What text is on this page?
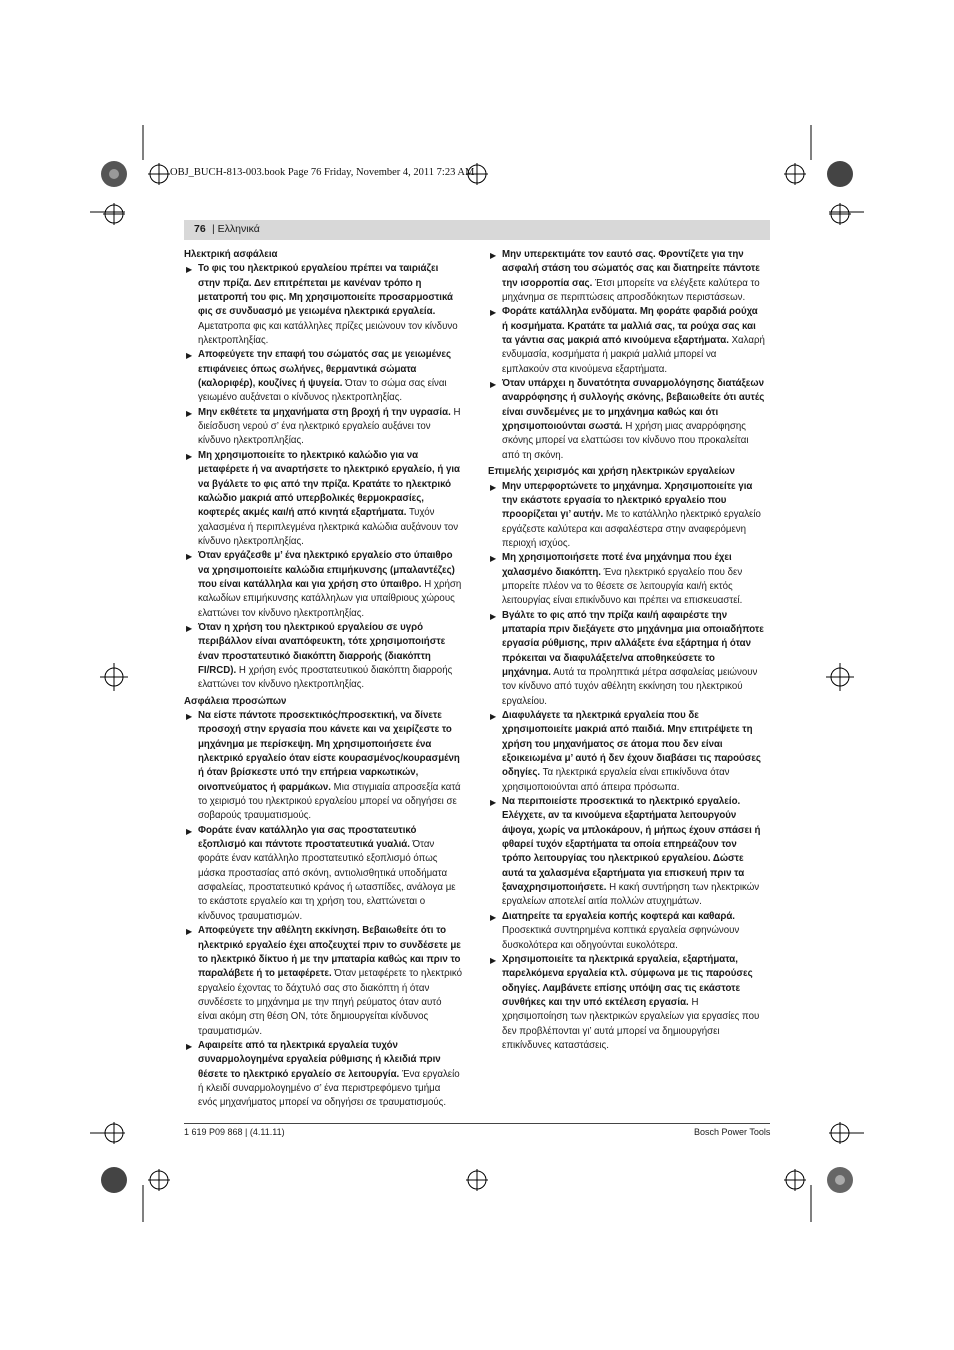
OBJ_BUCH-813-003.book Page 76 Friday, November 4, 2011 7:23 AM
76 | Ελληνικά

Ηλεκτρική ασφάλεια

▶ Το φις του ηλεκτρικού εργαλείου πρέπει να ταιριάζει στην πρίζα. Δεν επιτρέπεται με κανέναν τρόπο η μετατροπή του φις. Μη χρησιμοποιείτε προσαρμοστικά φις σε συνδυασμό με γειωμένα ηλεκτρικά εργαλεία. Αμετατροπα φις και κατάλληλες πρίζες μειώνουν τον κίνδυνο ηλεκτροπληξίας.

▶ Αποφεύγετε την επαφή του σώματός σας με γειωμένες επιφάνειες όπως σωλήνες, θερμαντικά σώματα (καλοριφέρ), κουζίνες ή ψυγεία. Όταν το σώμα σας είναι γειωμένο αυξάνεται ο κίνδυνος ηλεκτροπληξίας.

▶ Μην εκθέτετε τα μηχανήματα στη βροχή ή την υγρασία. Η διείσδυση νερού σ’ ένα ηλεκτρικό εργαλείο αυξάνει τον κίνδυνο ηλεκτροπληξίας.

▶ Μη χρησιμοποιείτε το ηλεκτρικό καλώδιο για να μεταφέρετε ή να αναρτήσετε το ηλεκτρικό εργαλείο, ή για να βγάλετε το φις από την πρίζα. Κρατάτε το ηλεκτρικό καλώδιο μακριά από υπερβολικές θερμοκρασίες, κοφτερές ακμές και/ή από κινητά εξαρτήματα. Τυχόν χαλασμένα ή περιπλεγμένα ηλεκτρικά καλώδια αυξάνουν τον κίνδυνο ηλεκτροπληξίας.

▶ Όταν εργάζεσθε μ’ ένα ηλεκτρικό εργαλείο στο ύπαιθρο να χρησιμοποιείτε καλώδια επιμήκυνσης (μπαλαντέζες) που είναι κατάλληλα και για χρήση στο ύπαιθρο. Η χρήση καλωδίων επιμήκυνσης κατάλληλων για υπαίθριους χώρους ελαττώνει τον κίνδυνο ηλεκτροπληξίας.

▶ Όταν η χρήση του ηλεκτρικού εργαλείου σε υγρό περιβάλλον είναι αναπόφευκτη, τότε χρησιμοποιήστε έναν προστατευτικό διακόπτη διαρροής (διακόπτη FI/RCD). Η χρήση ενός προστατευτικού διακόπτη διαρροής ελαττώνει τον κίνδυνο ηλεκτροπληξίας.

Ασφάλεια προσώπων

▶ Να είστε πάντοτε προσεκτικός/προσεκτική, να δίνετε προσοχή στην εργασία που κάνετε και να χειρίζεστε το μηχάνημα με περίσκεψη. Μη χρησιμοποιήσετε ένα ηλεκτρικό εργαλείο όταν είστε κουρασμένος/κουρασμένη ή όταν βρίσκεστε υπό την επήρεια ναρκωτικών, οινοπνεύματος ή φαρμάκων. Μια στιγμιαία απροσεξία κατά το χειρισμό του ηλεκτρικού εργαλείου μπορεί να οδηγήσει σε σοβαρούς τραυματισμούς.

▶ Φοράτε έναν κατάλληλο για σας προστατευτικό εξοπλισμό και πάντοτε προστατευτικά γυαλιά. Όταν φοράτε έναν κατάλληλο προστατευτικό εξοπλισμό όπως μάσκα προστασίας από σκόνη, αντιολισθητικά υποδήματα ασφαλείας, προστατευτικό κράνος ή ωτασπίδες, ανάλογα με το εκάστοτε εργαλείο και τη χρήση του, ελαττώνεται ο κίνδυνος τραυματισμών.

▶ Αποφεύγετε την αθέλητη εκκίνηση. Βεβαιωθείτε ότι το ηλεκτρικό εργαλείο έχει αποζευχτεί πριν το συνδέσετε με το ηλεκτρικό δίκτυο ή με την μπαταρία καθώς και πριν το παραλάβετε ή το μεταφέρετε. Όταν μεταφέρετε το ηλεκτρικό εργαλείο έχοντας το δάχτυλό σας στο διακόπτη ή όταν συνδέσετε το μηχάνημα με την πηγή ρεύματος όταν αυτό είναι ακόμη στη θέση ON, τότε δημιουργείται κίνδυνος τραυματισμών.

▶ Αφαιρείτε από τα ηλεκτρικά εργαλεία τυχόν συναρμολογημένα εργαλεία ρύθμισης ή κλειδιά πριν θέσετε το ηλεκτρικό εργαλείο σε λειτουργία. Ένα εργαλείο ή κλειδί συναρμολογημένο σ’ ένα περιστρεφόμενο τμήμα ενός μηχανήματος μπορεί να οδηγήσει σε τραυματισμούς.

▶ Μην υπερεκτιμάτε τον εαυτό σας. Φροντίζετε για την ασφαλή στάση του σώματός σας και διατηρείτε πάντοτε την ισορροπία σας. Έτσι μπορείτε να ελέγξετε καλύτερα το μηχάνημα σε περιπτώσεις απροσδόκητων περιστάσεων.

▶ Φοράτε κατάλληλα ενδύματα. Μη φοράτε φαρδιά ρούχα ή κοσμήματα. Κρατάτε τα μαλλιά σας, τα ρούχα σας και τα γάντια σας μακριά από κινούμενα εξαρτήματα. Χαλαρή ενδυμασία, κοσμήματα ή μακριά μαλλιά μπορεί να εμπλακούν στα κινούμενα εξαρτήματα.

▶ Όταν υπάρχει η δυνατότητα συναρμολόγησης διατάξεων αναρρόφησης ή συλλογής σκόνης, βεβαιωθείτε ότι αυτές είναι συνδεμένες με το μηχάνημα καθώς και ότι χρησιμοποιούνται σωστά. Η χρήση μιας αναρρόφησης σκόνης μπορεί να ελαττώσει τον κίνδυνο που προκαλείται από τη σκόνη.

Επιμελής χειρισμός και χρήση ηλεκτρικών εργαλείων

▶ Μην υπερφορτώνετε το μηχάνημα. Χρησιμοποιείτε για την εκάστοτε εργασία το ηλεκτρικό εργαλείο που προορίζεται γι’ αυτήν. Με το κατάλληλο ηλεκτρικό εργαλείο εργάζεστε καλύτερα και ασφαλέστερα στην αναφερόμενη περιοχή ισχύος.

▶ Μη χρησιμοποιήσετε ποτέ ένα μηχάνημα που έχει χαλασμένο διακόπτη. Ένα ηλεκτρικό εργαλείο που δεν μπορείτε πλέον να το θέσετε σε λειτουργία και/ή εκτός λειτουργίας είναι επικίνδυνο και πρέπει να επισκευαστεί.

▶ Βγάλτε το φις από την πρίζα και/ή αφαιρέστε την μπαταρία πριν διεξάγετε στο μηχάνημα μια οποιαδήποτε εργασία ρύθμισης, πριν αλλάξετε ένα εξάρτημα ή όταν πρόκειται να διαφυλάξετε/να αποθηκεύσετε το μηχάνημα. Αυτά τα προληπτικά μέτρα ασφαλείας μειώνουν τον κίνδυνο από τυχόν αθέλητη εκκίνηση του ηλεκτρικού εργαλείου.

▶ Διαφυλάγετε τα ηλεκτρικά εργαλεία που δε χρησιμοποιείτε μακριά από παιδιά. Μην επιτρέψετε τη χρήση του μηχανήματος σε άτομα που δεν είναι εξοικειωμένα μ’ αυτό ή δεν έχουν διαβάσει τις παρούσες οδηγίες. Τα ηλεκτρικά εργαλεία είναι επικίνδυνα όταν χρησιμοποιούνται από άπειρα πρόσωπα.

▶ Να περιποιείστε προσεκτικά το ηλεκτρικό εργαλείο. Ελέγχετε, αν τα κινούμενα εξαρτήματα λειτουργούν άψογα, χωρίς να μπλοκάρουν, ή μήπως έχουν σπάσει ή φθαρεί τυχόν εξαρτήματα τα οποία επηρεάζουν τον τρόπο λειτουργίας του ηλεκτρικού εργαλείου. Δώστε αυτά τα χαλασμένα εξαρτήματα για επισκευή πριν τα ξαναχρησιμοποιήσετε. Η κακή συντήρηση των ηλεκτρικών εργαλείων αποτελεί αιτία πολλών ατυχημάτων.

▶ Διατηρείτε τα εργαλεία κοπής κοφτερά και καθαρά. Προσεκτικά συντηρημένα κοπτικά εργαλεία σφηνώνουν δυσκολότερα και οδηγούνται ευκολότερα.

▶ Χρησιμοποιείτε τα ηλεκτρικά εργαλεία, εξαρτήματα, παρελκόμενα εργαλεία κτλ. σύμφωνα με τις παρούσες οδηγίες. Λαμβάνετε επίσης υπόψη σας τις εκάστοτε συνθήκες και την υπό εκτέλεση εργασία. Η χρησιμοποίηση των ηλεκτρικών εργαλείων για εργασίες που δεν προβλέπονται γι’ αυτά μπορεί να δημιουργήσει επικίνδυνες καταστάσεις.

1 619 P09 868 | (4.11.11)	Bosch Power Tools
